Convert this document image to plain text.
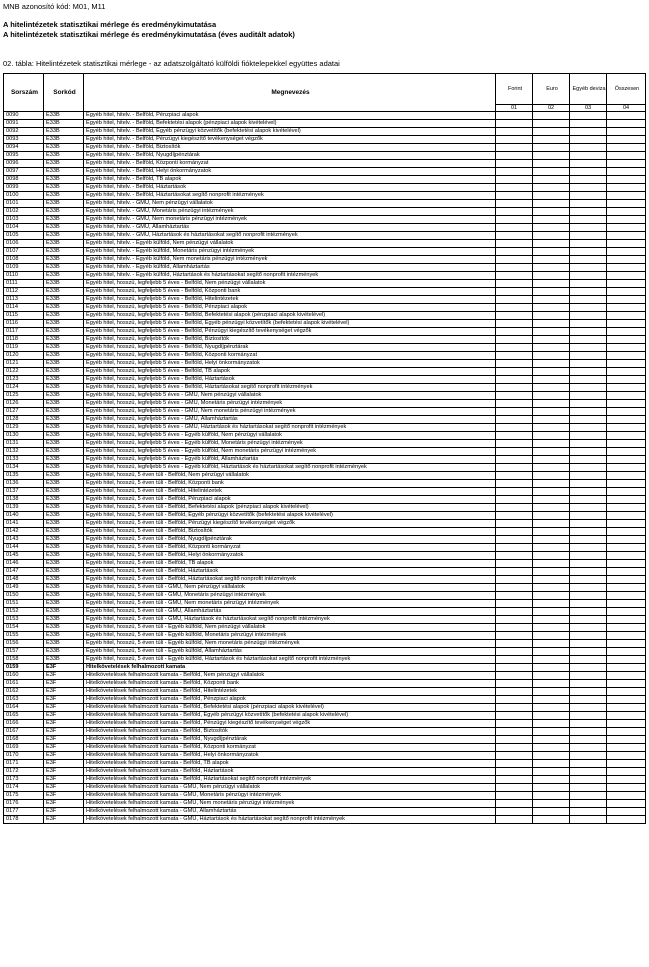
MNB azonosító kód: M01, M11
A hitelintézetek statisztikai mérlege és eredménykimutatása
A hitelintézetek statisztikai mérlege és eredménykimutatása (éves auditált adatok)
02. tábla: Hitelintézetek statisztikai mérlege - az adatszolgáltató külföldi fióktelepekkel együttes adatai
Sorszám	Sorkód	Megnevezés	Forint	Euro	Egyéb deviza	Összesen
			01	02	03	04
0090	E33B	Egyéb hitel, hitelv. - Belföld, Pénzpiaci alapok				
0091	E33B	Egyéb hitel, hitelv. - Belföld, Befektetési alapok (pénzpiaci alapok kivételével)				
0092	E33B	Egyéb hitel, hitelv. - Belföld, Egyéb pénzügyi közvetítők (befektetési alapok kivételével)				
0093	E33B	Egyéb hitel, hitelv. - Belföld, Pénzügyi kiegészítő tevékenységet végzők				
0094	E33B	Egyéb hitel, hitelv. - Belföld, Biztosítók				
0095	E33B	Egyéb hitel, hitelv. - Belföld, Nyugdíjpénztárak				
0096	E33B	Egyéb hitel, hitelv. - Belföld, Központi kormányzat				
0097	E33B	Egyéb hitel, hitelv. - Belföld, Helyi önkormányzatok				
0098	E33B	Egyéb hitel, hitelv. - Belföld, TB alapok				
0099	E33B	Egyéb hitel, hitelv. - Belföld, Háztartások				
0100	E33B	Egyéb hitel, hitelv. - Belföld, Háztartásokat segítő nonprofit intézmények				
0101	E33B	Egyéb hitel, hitelv. - GMU, Nem pénzügyi vállalatok				
0102	E33B	Egyéb hitel, hitelv. - GMU, Monetáris pénzügyi intézmények				
0103	E33B	Egyéb hitel, hitelv. - GMU, Nem monetáris pénzügyi intézmények				
0104	E33B	Egyéb hitel, hitelv. - GMU, Államháztartás				
0105	E33B	Egyéb hitel, hitelv. - GMU, Háztartások és háztartásokat segítő nonprofit intézmények				
0106	E33B	Egyéb hitel, hitelv. - Egyéb külföld, Nem pénzügyi vállalatok				
0107	E33B	Egyéb hitel, hitelv. - Egyéb külföld, Monetáris pénzügyi intézmények				
0108	E33B	Egyéb hitel, hitelv. - Egyéb külföld, Nem monetáris pénzügyi intézmények				
0109	E33B	Egyéb hitel, hitelv. - Egyéb külföld, Államháztartás				
0110	E33B	Egyéb hitel, hitelv. - Egyéb külföld, Háztartások és háztartásokat segítő nonprofit intézmények				
0111	E33B	Egyéb hitel, hosszú, legfeljebb 5 éves - Belföld, Nem pénzügyi vállalatok				
0112	E33B	Egyéb hitel, hosszú, legfeljebb 5 éves - Belföld, Központi bank				
0113	E33B	Egyéb hitel, hosszú, legfeljebb 5 éves - Belföld, Hitelintézetek				
0114	E33B	Egyéb hitel, hosszú, legfeljebb 5 éves - Belföld, Pénzpiaci alapok				
0115	E33B	Egyéb hitel, hosszú, legfeljebb 5 éves - Belföld, Befektetési alapok (pénzpiaci alapok kivételével)				
0116	E33B	Egyéb hitel, hosszú, legfeljebb 5 éves - Belföld, Egyéb pénzügyi közvetítők (befektetési alapok kivételével)				
0117	E33B	Egyéb hitel, hosszú, legfeljebb 5 éves - Belföld, Pénzügyi kiegészítő tevékenységet végzők				
0118	E33B	Egyéb hitel, hosszú, legfeljebb 5 éves - Belföld, Biztosítók				
0119	E33B	Egyéb hitel, hosszú, legfeljebb 5 éves - Belföld, Nyugdíjpénztárak				
0120	E33B	Egyéb hitel, hosszú, legfeljebb 5 éves - Belföld, Központi kormányzat				
0121	E33B	Egyéb hitel, hosszú, legfeljebb 5 éves - Belföld, Helyi önkormányzatok				
0122	E33B	Egyéb hitel, hosszú, legfeljebb 5 éves - Belföld, TB alapok				
0123	E33B	Egyéb hitel, hosszú, legfeljebb 5 éves - Belföld, Háztartások				
0124	E33B	Egyéb hitel, hosszú, legfeljebb 5 éves - Belföld, Háztartásokat segítő nonprofit intézmények				
0125	E33B	Egyéb hitel, hosszú, legfeljebb 5 éves - GMU, Nem pénzügyi vállalatok				
0126	E33B	Egyéb hitel, hosszú, legfeljebb 5 éves - GMU, Monetáris pénzügyi intézmények				
0127	E33B	Egyéb hitel, hosszú, legfeljebb 5 éves - GMU, Nem monetáris pénzügyi intézmények				
0128	E33B	Egyéb hitel, hosszú, legfeljebb 5 éves - GMU, Államháztartás				
0129	E33B	Egyéb hitel, hosszú, legfeljebb 5 éves - GMU, Háztartások és háztartásokat segítő nonprofit intézmények				
0130	E33B	Egyéb hitel, hosszú, legfeljebb 5 éves - Egyéb külföld, Nem pénzügyi vállalatok				
0131	E33B	Egyéb hitel, hosszú, legfeljebb 5 éves - Egyéb külföld, Monetáris pénzügyi intézmények				
0132	E33B	Egyéb hitel, hosszú, legfeljebb 5 éves - Egyéb külföld, Nem monetáris pénzügyi intézmények				
0133	E33B	Egyéb hitel, hosszú, legfeljebb 5 éves - Egyéb külföld, Államháztartás				
0134	E33B	Egyéb hitel, hosszú, legfeljebb 5 éves - Egyéb külföld, Háztartások és háztartásokat segítő nonprofit intézmények				
0135	E33B	Egyéb hitel, hosszú, 5 éven túli - Belföld, Nem pénzügyi vállalatok				
0136	E33B	Egyéb hitel, hosszú, 5 éven túli - Belföld, Központi bank				
0137	E33B	Egyéb hitel, hosszú, 5 éven túli - Belföld, Hitelintézetek				
0138	E33B	Egyéb hitel, hosszú, 5 éven túli - Belföld, Pénzpiaci alapok				
0139	E33B	Egyéb hitel, hosszú, 5 éven túli - Belföld, Befektetési alapok (pénzpiaci alapok kivételével)				
0140	E33B	Egyéb hitel, hosszú, 5 éven túli - Belföld, Egyéb pénzügyi közvetítők (befektetési alapok kivételével)				
0141	E33B	Egyéb hitel, hosszú, 5 éven túli - Belföld, Pénzügyi kiegészítő tevékenységet végzők				
0142	E33B	Egyéb hitel, hosszú, 5 éven túli - Belföld, Biztosítók				
0143	E33B	Egyéb hitel, hosszú, 5 éven túli - Belföld, Nyugdíjpénztárak				
0144	E33B	Egyéb hitel, hosszú, 5 éven túli - Belföld, Központi kormányzat				
0145	E33B	Egyéb hitel, hosszú, 5 éven túli - Belföld, Helyi önkormányzatok				
0146	E33B	Egyéb hitel, hosszú, 5 éven túli - Belföld, TB alapok				
0147	E33B	Egyéb hitel, hosszú, 5 éven túli - Belföld, Háztartások				
0148	E33B	Egyéb hitel, hosszú, 5 éven túli - Belföld, Háztartásokat segítő nonprofit intézmények				
0149	E33B	Egyéb hitel, hosszú, 5 éven túli - GMU, Nem pénzügyi vállalatok				
0150	E33B	Egyéb hitel, hosszú, 5 éven túli - GMU, Monetáris pénzügyi intézmények				
0151	E33B	Egyéb hitel, hosszú, 5 éven túli - GMU, Nem monetáris pénzügyi intézmények				
0152	E33B	Egyéb hitel, hosszú, 5 éven túli - GMU, Államháztartás				
0153	E33B	Egyéb hitel, hosszú, 5 éven túli - GMU, Háztartások és háztartásokat segítő nonprofit intézmények				
0154	E33B	Egyéb hitel, hosszú, 5 éven túli - Egyéb külföld, Nem pénzügyi vállalatok				
0155	E33B	Egyéb hitel, hosszú, 5 éven túli - Egyéb külföld, Monetáris pénzügyi intézmények				
0156	E33B	Egyéb hitel, hosszú, 5 éven túli - Egyéb külföld, Nem monetáris pénzügyi intézmények				
0157	E33B	Egyéb hitel, hosszú, 5 éven túli - Egyéb külföld, Államháztartás				
0158	E33B	Egyéb hitel, hosszú, 5 éven túli - Egyéb külföld, Háztartások és háztartásokat segítő nonprofit intézmények				
0159	E3F	Hitelkövetelések felhalmozott kamata				
0160	E3F	Hitelkövetelések felhalmozott kamata - Belföld, Nem pénzügyi vállalatok				
0161	E3F	Hitelkövetelések felhalmozott kamata - Belföld, Központi bank				
0162	E3F	Hitelkövetelések felhalmozott kamata - Belföld, Hitelintézetek				
0163	E3F	Hitelkövetelések felhalmozott kamata - Belföld, Pénzpiaci alapok				
0164	E3F	Hitelkövetelések felhalmozott kamata - Belföld, Befektetési alapok (pénzpiaci alapok kivételével)				
0165	E3F	Hitelkövetelések felhalmozott kamata - Belföld, Egyéb pénzügyi közvetítők (befektetési alapok kivételével)				
0166	E3F	Hitelkövetelések felhalmozott kamata - Belföld, Pénzügyi kiegészítő tevékenységet végzők				
0167	E3F	Hitelkövetelések felhalmozott kamata - Belföld, Biztosítók				
0168	E3F	Hitelkövetelések felhalmozott kamata - Belföld, Nyugdíjpénztárak				
0169	E3F	Hitelkövetelések felhalmozott kamata - Belföld, Központi kormányzat				
0170	E3F	Hitelkövetelések felhalmozott kamata - Belföld, Helyi önkormányzatok				
0171	E3F	Hitelkövetelések felhalmozott kamata - Belföld, TB alapok				
0172	E3F	Hitelkövetelések felhalmozott kamata - Belföld, Háztartások				
0173	E3F	Hitelkövetelések felhalmozott kamata - Belföld, Háztartásokat segítő nonprofit intézmények				
0174	E3F	Hitelkövetelések felhalmozott kamata - GMU, Nem pénzügyi vállalatok				
0175	E3F	Hitelkövetelések felhalmozott kamata - GMU, Monetáris pénzügyi intézmények				
0176	E3F	Hitelkövetelések felhalmozott kamata - GMU, Nem monetáris pénzügyi intézmények				
0177	E3F	Hitelkövetelések felhalmozott kamata - GMU, Államháztartás				
0178	E3F	Hitelkövetelések felhalmozott kamata - GMU, Háztartások és háztartásokat segítő nonprofit intézmények				
